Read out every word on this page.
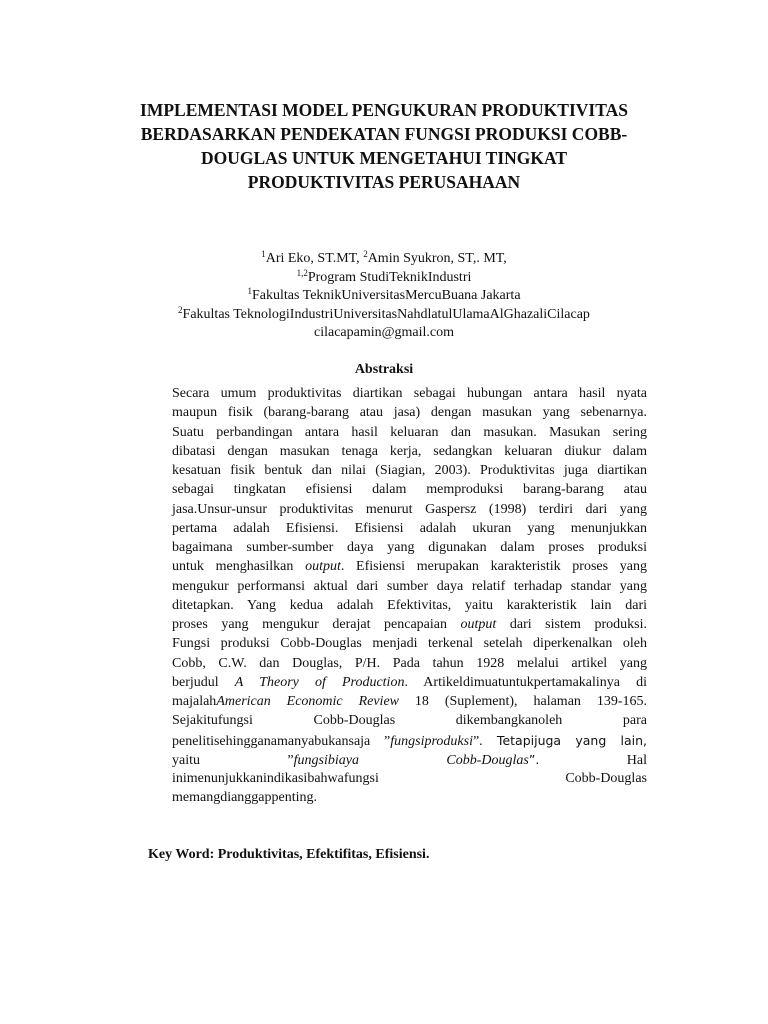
IMPLEMENTASI MODEL PENGUKURAN PRODUKTIVITAS
BERDASARKAN PENDEKATAN FUNGSI PRODUKSI COBB-
DOUGLAS UNTUK MENGETAHUI TINGKAT
PRODUKTIVITAS PERUSAHAAN
$^1$Ari Eko, ST.MT, $^2$Amin Syukron, ST,. MT,
$^{1,2}$Program StudiTeknikIndustri
$^1$Fakultas TeknikUniversitasMercuBuana Jakarta
$^2$Fakultas TeknologiIndustriUniversitasNahdlatulUlamaAlGhazaliCilacap
cilacapamin@gmail.com
Abstraksi
Secara umum produktivitas diartikan sebagai hubungan antara hasil nyata
maupun fisik (barang-barang atau jasa) dengan masukan yang sebenarnya.
Suatu perbandingan antara hasil keluaran dan masukan. Masukan sering
dibatasi dengan masukan tenaga kerja, sedangkan keluaran diukur dalam
kesatuan fisik bentuk dan nilai (Siagian, 2003). Produktivitas juga diartikan
sebagai tingkatan efisiensi dalam memproduksi barang-barang atau
jasa.Unsur-unsur produktivitas menurut Gaspersz (1998) terdiri dari yang
pertama adalah Efisiensi. Efisiensi adalah ukuran yang menunjukkan
bagaimana sumber-sumber daya yang digunakan dalam proses produksi
untuk menghasilkan output. Efisiensi merupakan karakteristik proses yang
mengukur performansi aktual dari sumber daya relatif terhadap standar yang
ditetapkan. Yang kedua adalah Efektivitas, yaitu karakteristik lain dari
proses yang mengukur derajat pencapaian output dari sistem produksi.
Fungsi produksi Cobb-Douglas menjadi terkenal setelah diperkenalkan oleh
Cobb, C.W. dan Douglas, P/H. Pada tahun 1928 melalui artikel yang
berjudul A Theory of Production. Artikeldimuatuntukpertamakalinya di
majalahAmerican Economic Review 18 (Suplement), halaman 139-165.
Sejakitufungsi Cobb-Douglas dikembangkanoleh para
penelitisehingganamanyabukansaja ”fungsiproduksi”. Tetapijuga yang lain,
yaitu ”fungsibiaya Cobb-Douglas”. Hal
inimenunjukkanindikasibahwafungsi Cobb-Douglas
memangdianggappenting.

Key Word: Produktivitas, Efektifitas, Efisiensi.
